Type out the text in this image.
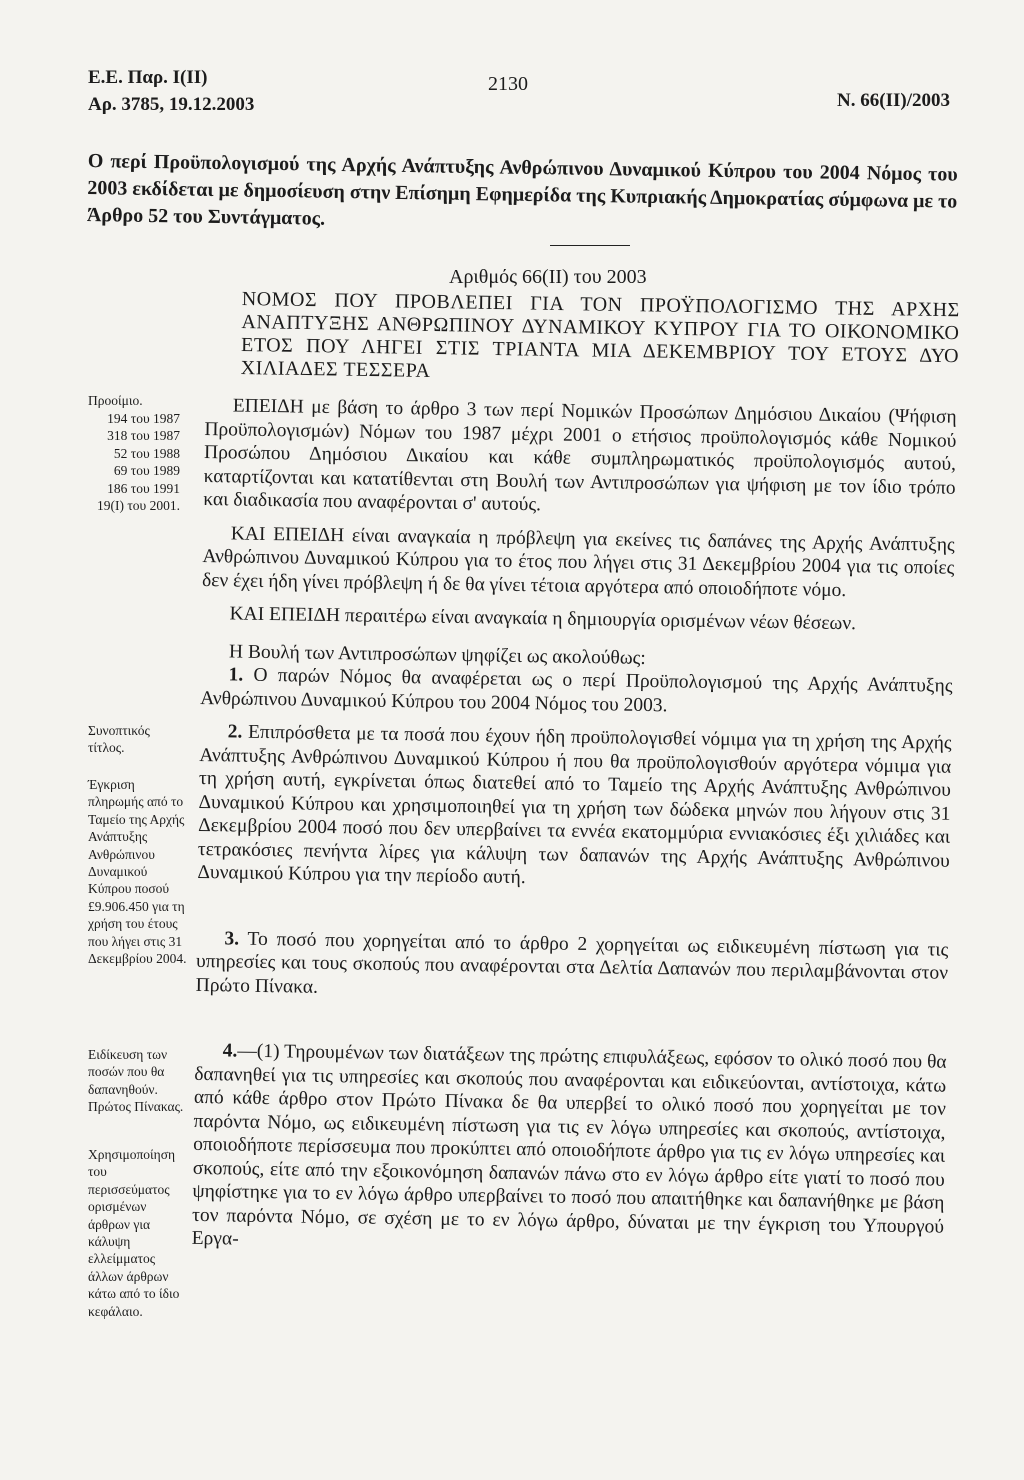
Ε.Ε. Παρ. Ι(ΙΙ)
Αρ. 3785, 19.12.2003
2130
Ν. 66(ΙΙ)/2003
Ο περί Προϋπολογισμού της Αρχής Ανάπτυξης Ανθρώπινου Δυναμικού Κύπρου του 2004 Νόμος του 2003 εκδίδεται με δημοσίευση στην Επίσημη Εφημερίδα της Κυπριακής Δημοκρατίας σύμφωνα με το Άρθρο 52 του Συντάγματος.
Αριθμός 66(ΙΙ) του 2003
ΝΟΜΟΣ ΠΟΥ ΠΡΟΒΛΕΠΕΙ ΓΙΑ ΤΟΝ ΠΡΟΫΠΟΛΟΓΙΣΜΟ ΤΗΣ ΑΡΧΗΣ ΑΝΑΠΤΥΞΗΣ ΑΝΘΡΩΠΙΝΟΥ ΔΥΝΑΜΙΚΟΥ ΚΥΠΡΟΥ ΓΙΑ ΤΟ ΟΙΚΟΝΟΜΙΚΟ ΕΤΟΣ ΠΟΥ ΛΗΓΕΙ ΣΤΙΣ ΤΡΙΑΝΤΑ ΜΙΑ ΔΕΚΕΜΒΡΙΟΥ ΤΟΥ ΕΤΟΥΣ ΔΥΟ ΧΙΛΙΑΔΕΣ ΤΕΣΣΕΡΑ
Προοίμιο.
194 του 1987
318 του 1987
52 του 1988
69 του 1989
186 του 1991
19(Ι) του 2001.
Συνοπτικός τίτλος.
Έγκριση πληρωμής από το Ταμείο της Αρχής Ανάπτυξης Ανθρώπινου Δυναμικού Κύπρου ποσού £9.906.450 για τη χρήση του έτους που λήγει στις 31 Δεκεμβρίου 2004.
Ειδίκευση των ποσών που θα δαπανηθούν. Πρώτος Πίνακας.
Χρησιμοποίηση του περισσεύματος ορισμένων άρθρων για κάλυψη ελλείμματος άλλων άρθρων κάτω από το ίδιο κεφάλαιο.

ΕΠΕΙΔΗ με βάση το άρθρο 3 των περί Νομικών Προσώπων Δημόσιου Δικαίου (Ψήφιση Προϋπολογισμών) Νόμων του 1987 μέχρι 2001 ο ετήσιος προϋπολογισμός κάθε Νομικού Προσώπου Δημόσιου Δικαίου και κάθε συμπληρωματικός προϋπολογισμός αυτού, καταρτίζονται και κατατίθενται στη Βουλή των Αντιπροσώπων για ψήφιση με τον ίδιο τρόπο και διαδικασία που αναφέρονται σ' αυτούς.

ΚΑΙ ΕΠΕΙΔΗ είναι αναγκαία η πρόβλεψη για εκείνες τις δαπάνες της Αρχής Ανάπτυξης Ανθρώπινου Δυναμικού Κύπρου για το έτος που λήγει στις 31 Δεκεμβρίου 2004 για τις οποίες δεν έχει ήδη γίνει πρόβλεψη ή δε θα γίνει τέτοια αργότερα από οποιοδήποτε νόμο.

ΚΑΙ ΕΠΕΙΔΗ περαιτέρω είναι αναγκαία η δημιουργία ορισμένων νέων θέσεων.

Η Βουλή των Αντιπροσώπων ψηφίζει ως ακολούθως:

1. Ο παρών Νόμος θα αναφέρεται ως ο περί Προϋπολογισμού της Αρχής Ανάπτυξης Ανθρώπινου Δυναμικού Κύπρου του 2004 Νόμος του 2003.

2. Επιπρόσθετα με τα ποσά που έχουν ήδη προϋπολογισθεί νόμιμα για τη χρήση της Αρχής Ανάπτυξης Ανθρώπινου Δυναμικού Κύπρου ή που θα προϋπολογισθούν αργότερα νόμιμα για τη χρήση αυτή, εγκρίνεται όπως διατεθεί από το Ταμείο της Αρχής Ανάπτυξης Ανθρώπινου Δυναμικού Κύπρου και χρησιμοποιηθεί για τη χρήση των δώδεκα μηνών που λήγουν στις 31 Δεκεμβρίου 2004 ποσό που δεν υπερβαίνει τα εννέα εκατομμύρια εννιακόσιες έξι χιλιάδες και τετρακόσιες πενήντα λίρες για κάλυψη των δαπανών της Αρχής Ανάπτυξης Ανθρώπινου Δυναμικού Κύπρου για την περίοδο αυτή.

3. Το ποσό που χορηγείται από το άρθρο 2 χορηγείται ως ειδικευμένη πίστωση για τις υπηρεσίες και τους σκοπούς που αναφέρονται στα Δελτία Δαπανών που περιλαμβάνονται στον Πρώτο Πίνακα.

4.—(1) Τηρουμένων των διατάξεων της πρώτης επιφυλάξεως, εφόσον το ολικό ποσό που θα δαπανηθεί για τις υπηρεσίες και σκοπούς που αναφέρονται και ειδικεύονται, αντίστοιχα, κάτω από κάθε άρθρο στον Πρώτο Πίνακα δε θα υπερβεί το ολικό ποσό που χορηγείται με τον παρόντα Νόμο, ως ειδικευμένη πίστωση για τις εν λόγω υπηρεσίες και σκοπούς, αντίστοιχα, οποιοδήποτε περίσσευμα που προκύπτει από οποιοδήποτε άρθρο για τις εν λόγω υπηρεσίες και σκοπούς, είτε από την εξοικονόμηση δαπανών πάνω στο εν λόγω άρθρο είτε γιατί το ποσό που ψηφίστηκε για το εν λόγω άρθρο υπερβαίνει το ποσό που απαιτήθηκε και δαπανήθηκε με βάση τον παρόντα Νόμο, σε σχέση με το εν λόγω άρθρο, δύναται με την έγκριση του Υπουργού Εργα-
